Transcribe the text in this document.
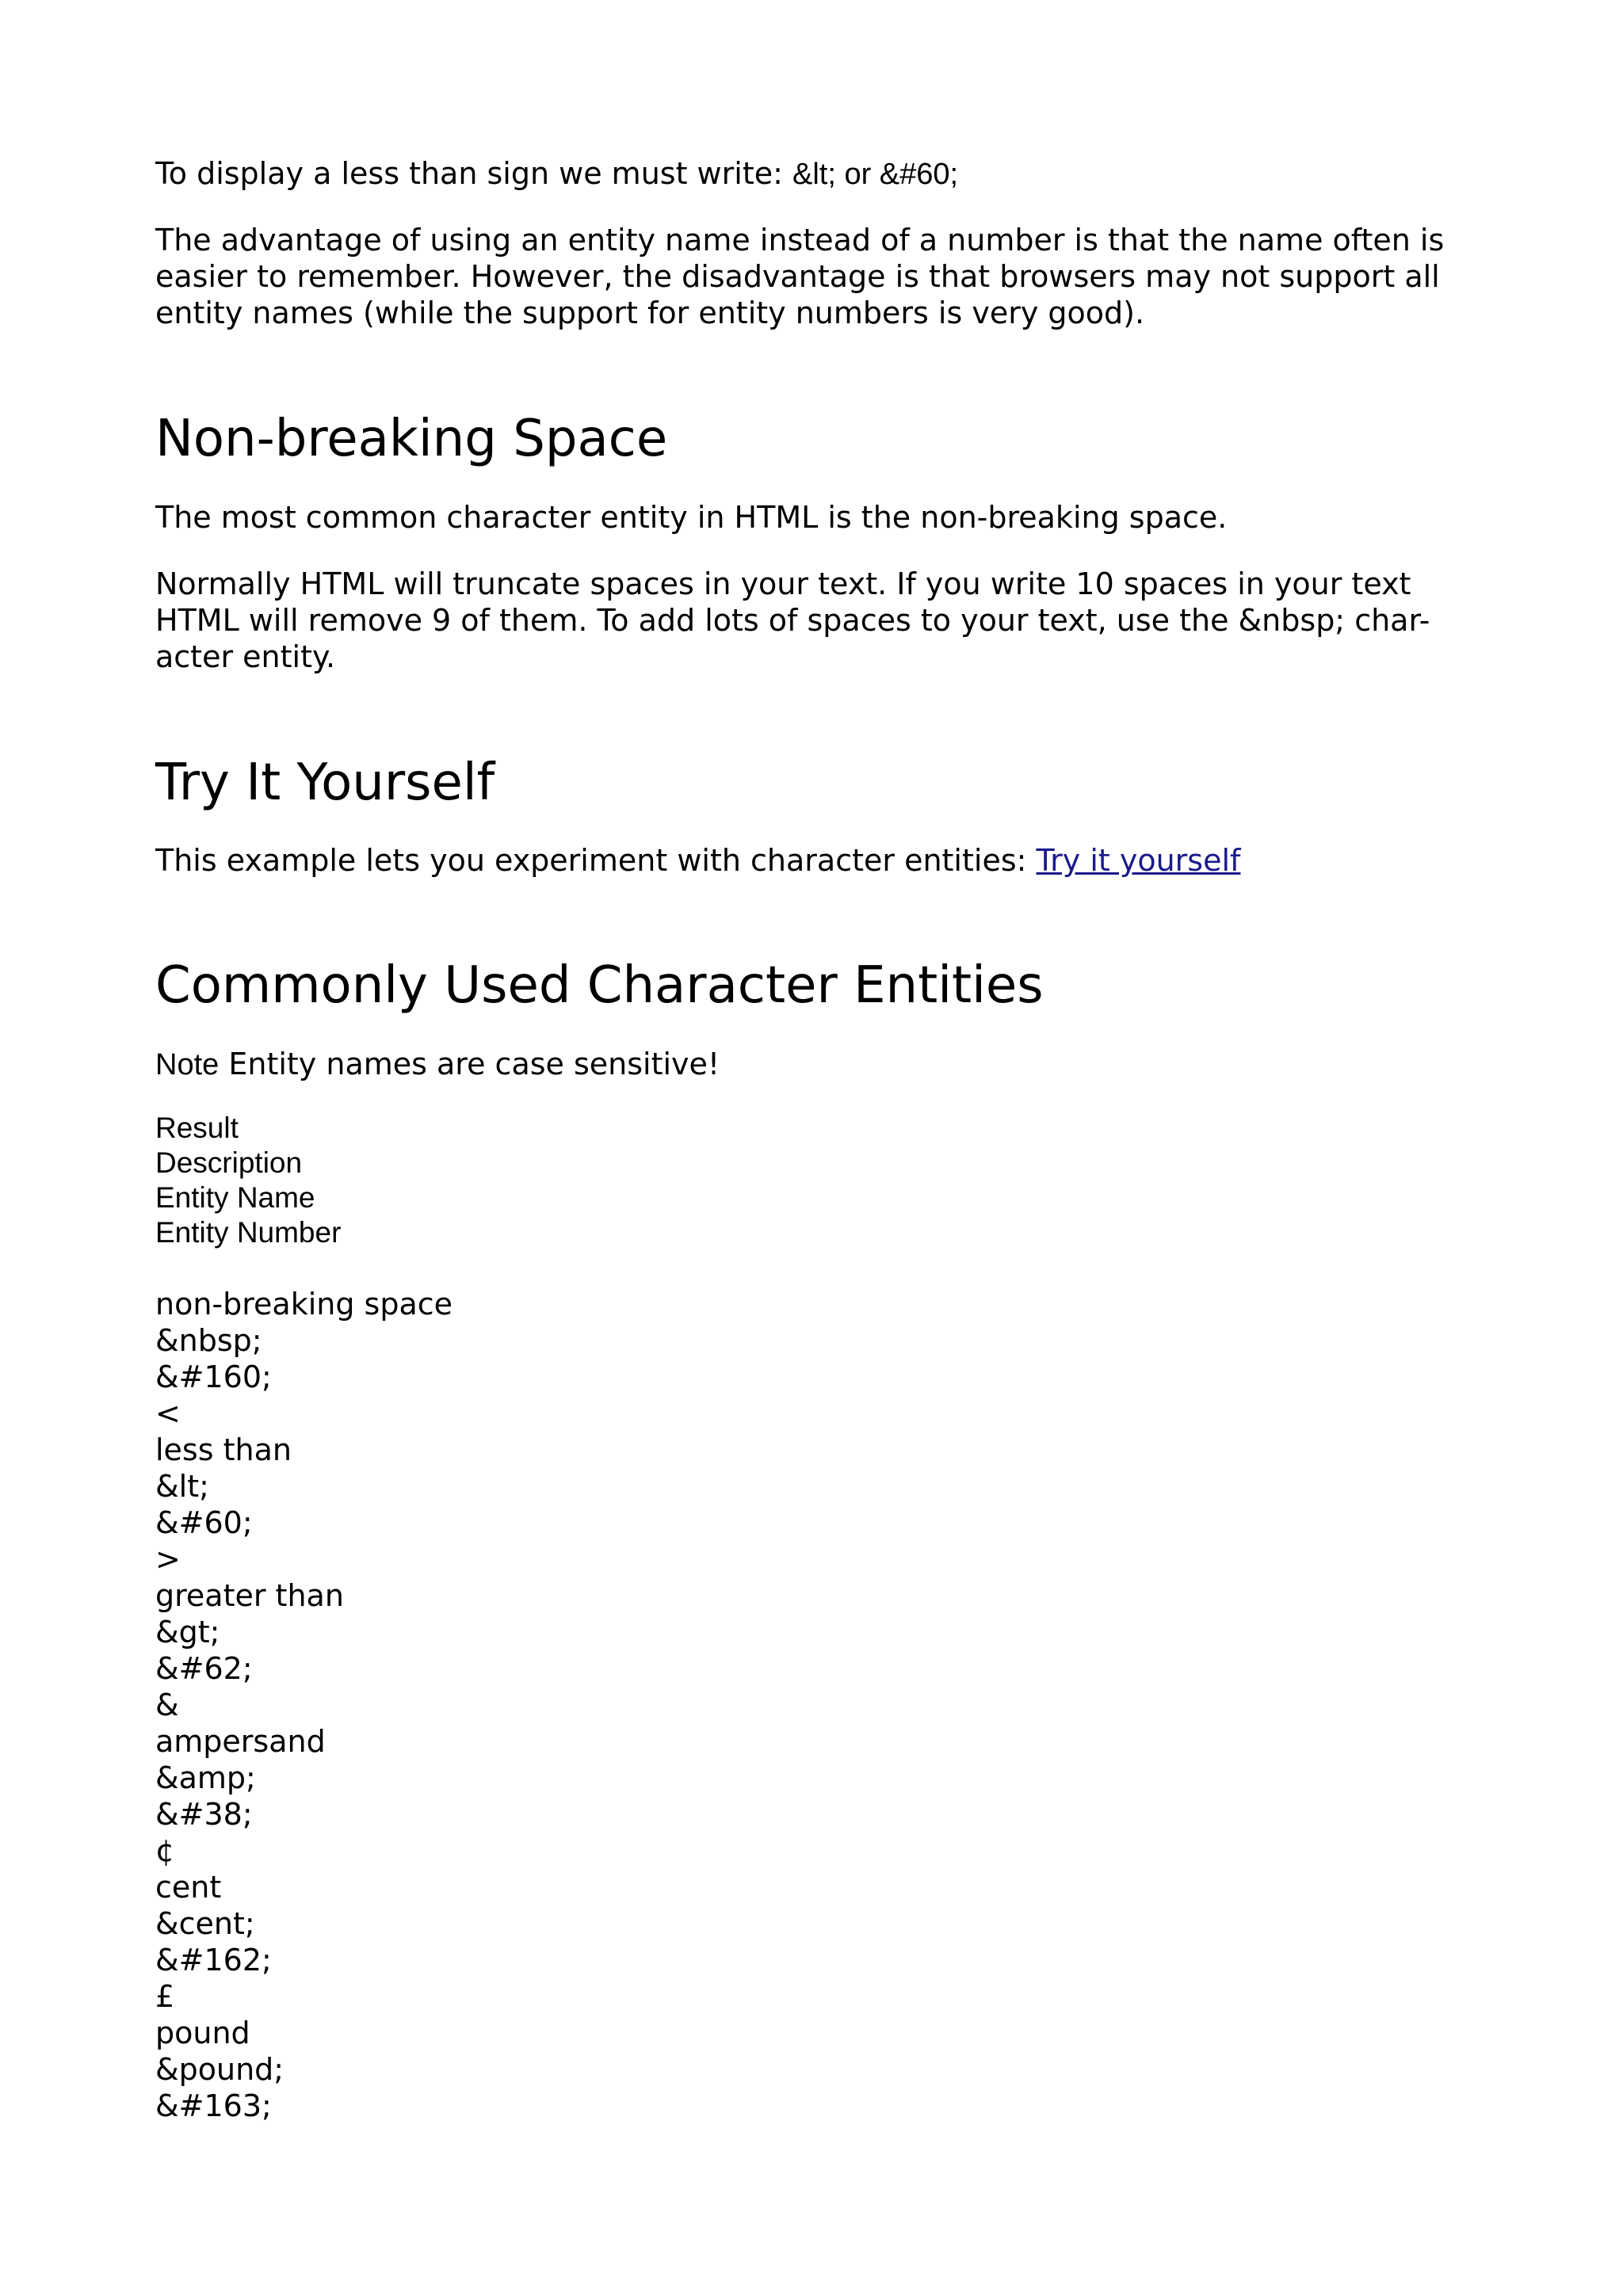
To display a less than sign we must write: &lt; or &#60;

The advantage of using an entity name instead of a number is that the name often is

easier to remember. However, the disadvantage is that browsers may not support all

entity names (while the support for entity numbers is very good).

Non-breaking Space

The most common character entity in HTML is the non-breaking space.

Normally HTML will truncate spaces in your text. If you write 10 spaces in your text

HTML will remove 9 of them. To add lots of spaces to your text, use the &nbsp; char-

acter entity.

Try It Yourself

This example lets you experiment with character entities: Try it yourself

Commonly Used Character Entities

Note Entity names are case sensitive!

Result
Description
Entity Name
Entity Number
non-breaking space
&nbsp;
&#160;
<
less than
&lt;
&#60;
>
greater than
&gt;
&#62;
&
ampersand
&amp;
&#38;
¢
cent
&cent;
&#162;
£
pound
&pound;
&#163;
